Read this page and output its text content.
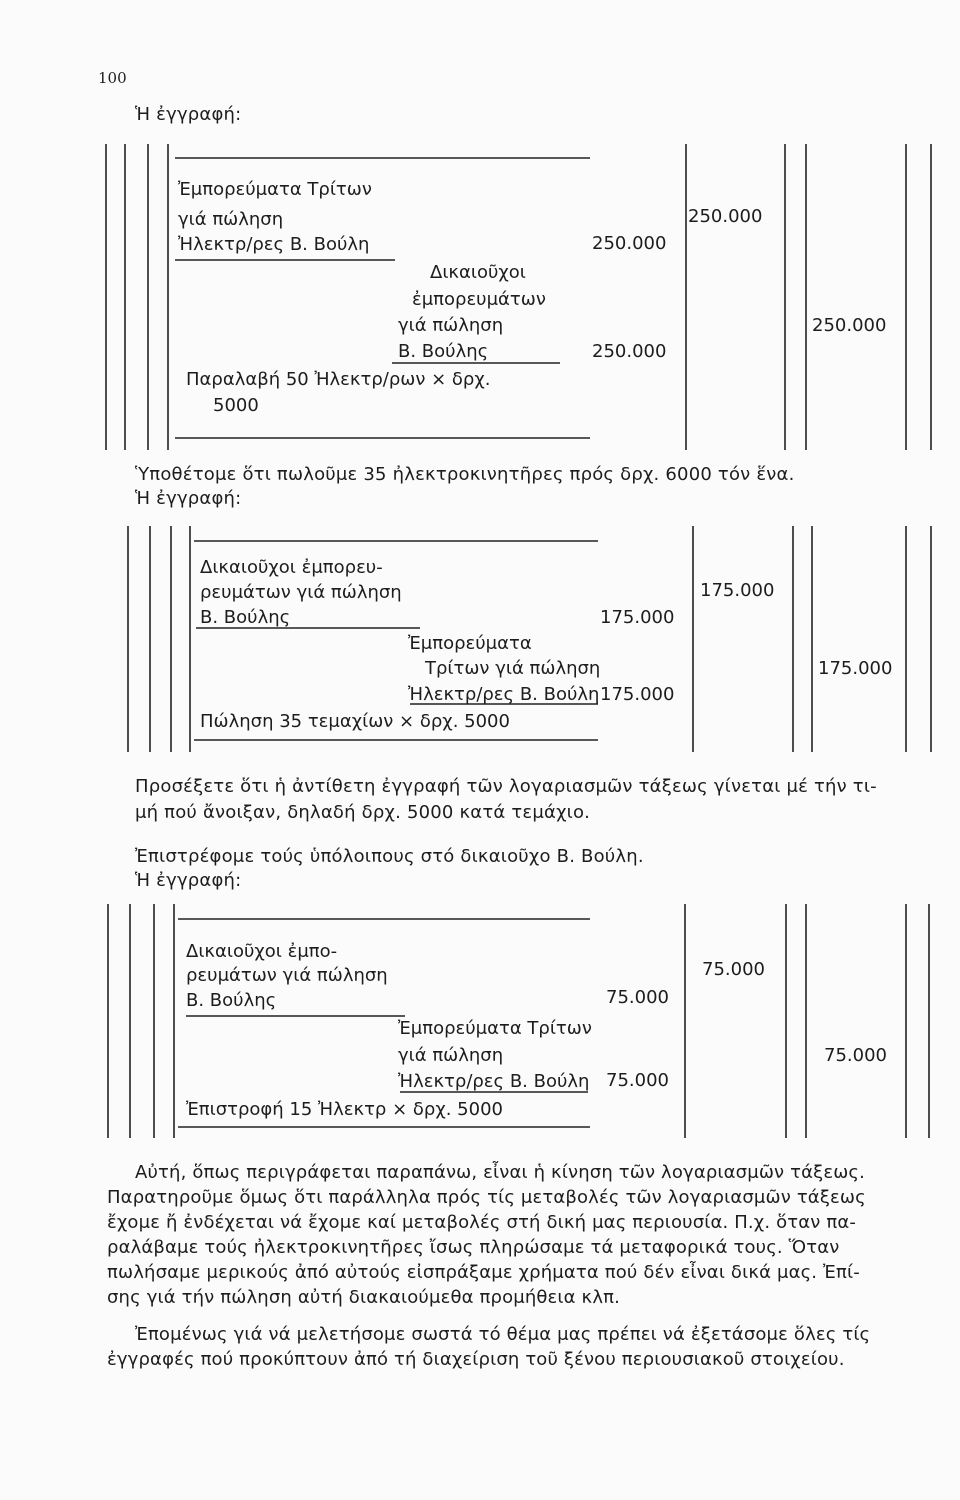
100
Ἡ ἐγγραφή:
Ἐμπορεύματα Τρίτων
γιά πώληση
Ἠλεκτρ/ρες Β. Βούλη
Δικαιοῦχοι
ἐμπορευμάτων
γιά πώληση
Β. Βούλης
Παραλαβή 50 Ἠλεκτρ/ρων × δρχ.
5000
250.000
250.000
250.000
250.000
Ὑποθέτομε ὅτι πωλοῦμε 35 ἠλεκτροκινητῆρες πρός δρχ. 6000 τόν ἕνα.
Ἡ ἐγγραφή:
Δικαιοῦχοι ἐμπορευ-
ρευμάτων γιά πώληση
Β. Βούλης
Ἐμπορεύματα
Τρίτων γιά πώληση
Ἠλεκτρ/ρες Β. Βούλη
Πώληση 35 τεμαχίων × δρχ. 5000
175.000
175.000
175.000
175.000
Προσέξετε ὅτι ἡ ἀντίθετη ἐγγραφή τῶν λογαριασμῶν τάξεως γίνεται μέ τήν τι-
μή πού ἄνοιξαν, δηλαδή δρχ. 5000 κατά τεμάχιο.
Ἐπιστρέφομε τούς ὑπόλοιπους στό δικαιοῦχο Β. Βούλη.
Ἡ ἐγγραφή:
Δικαιοῦχοι ἐμπο-
ρευμάτων γιά πώληση
Β. Βούλης
Ἐμπορεύματα Τρίτων
γιά πώληση
Ἠλεκτρ/ρες Β. Βούλη
Ἐπιστροφή 15 Ἠλεκτρ × δρχ. 5000
75.000
75.000
75.000
75.000
Αὐτή, ὅπως περιγράφεται παραπάνω, εἶναι ἡ κίνηση τῶν λογαριασμῶν τάξεως.
Παρατηροῦμε ὅμως ὅτι παράλληλα πρός τίς μεταβολές τῶν λογαριασμῶν τάξεως
ἔχομε ἤ ἐνδέχεται νά ἔχομε καί μεταβολές στή δική μας περιουσία. Π.χ. ὅταν πα-
ραλάβαμε τούς ἠλεκτροκινητῆρες ἴσως πληρώσαμε τά μεταφορικά τους. Ὅταν
πωλήσαμε μερικούς ἀπό αὐτούς εἰσπράξαμε χρήματα πού δέν εἶναι δικά μας. Ἐπί-
σης γιά τήν πώληση αὐτή διακαιούμεθα προμήθεια κλπ.
Ἐπομένως γιά νά μελετήσομε σωστά τό θέμα μας πρέπει νά ἐξετάσομε ὅλες τίς
ἐγγραφές πού προκύπτουν ἀπό τή διαχείριση τοῦ ξένου περιουσιακοῦ στοιχείου.
